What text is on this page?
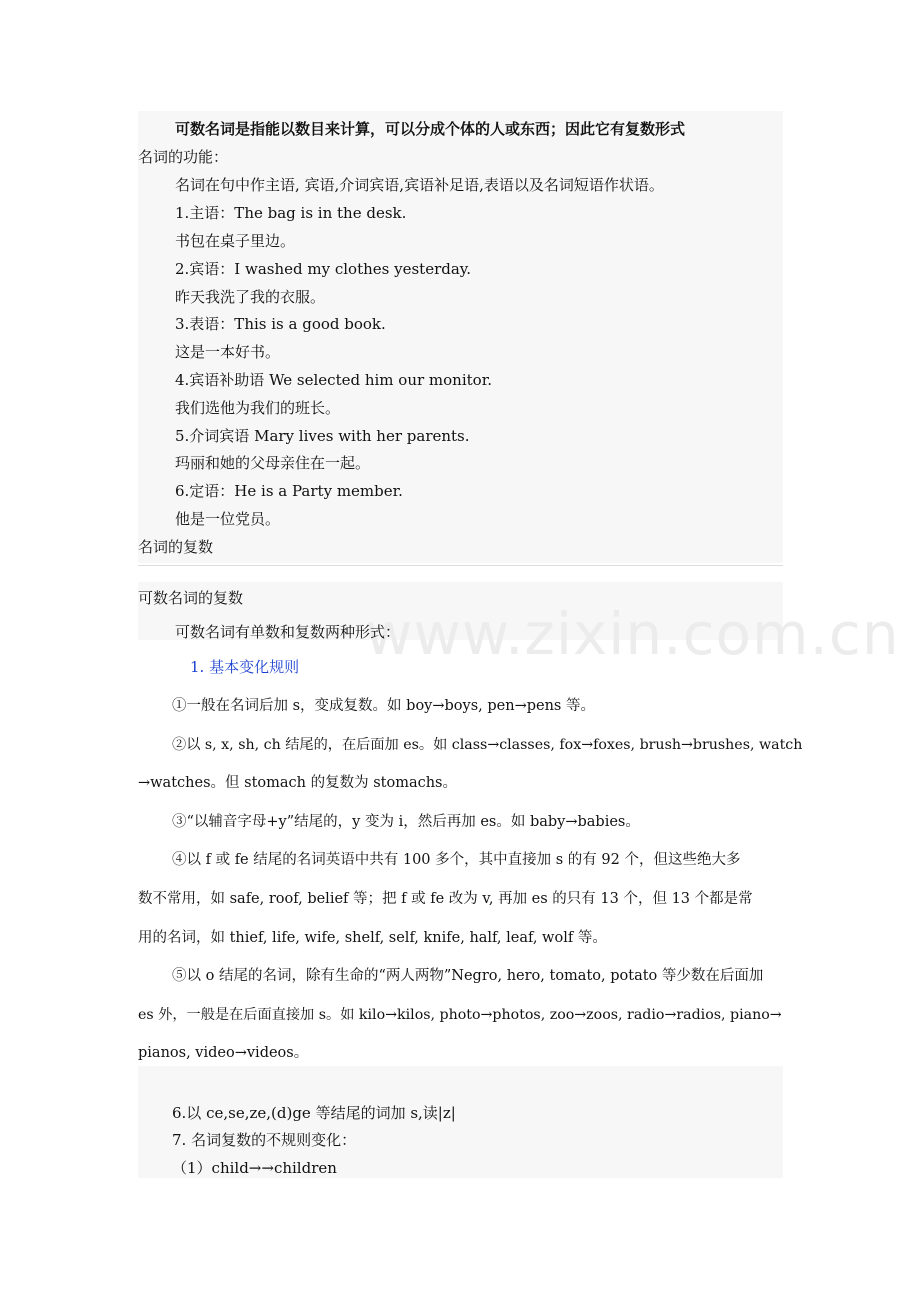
www.zixin.com.cn
可数名词是指能以数目来计算，可以分成个体的人或东西；因此它有复数形式
名词的功能：
名词在句中作主语, 宾语,介词宾语,宾语补足语,表语以及名词短语作状语。
1.主语：The bag is in the desk.
书包在桌子里边。
2.宾语：I washed my clothes yesterday.
昨天我洗了我的衣服。
3.表语：This is a good book.
这是一本好书。
4.宾语补助语 We selected him our monitor.
我们选他为我们的班长。
5.介词宾语 Mary lives with her parents.
玛丽和她的父母亲住在一起。
6.定语：He is a Party member.
他是一位党员。
名词的复数
可数名词的复数
可数名词有单数和复数两种形式：
1. 基本变化规则
①一般在名词后加 s，变成复数。如 boy→boys, pen→pens 等。
②以 s, x, sh, ch 结尾的，在后面加 es。如 class→classes, fox→foxes, brush→brushes, watch
→watches。但 stomach 的复数为 stomachs。
③“以辅音字母+y”结尾的，y 变为 i，然后再加 es。如 baby→babies。
④以 f 或 fe 结尾的名词英语中共有 100 多个，其中直接加 s 的有 92 个，但这些绝大多
数不常用，如 safe, roof, belief 等；把 f 或 fe 改为 v, 再加 es 的只有 13 个，但 13 个都是常
用的名词，如 thief, life, wife, shelf, self, knife, half, leaf, wolf 等。
⑤以 o 结尾的名词，除有生命的“两人两物”Negro, hero, tomato, potato 等少数在后面加
es 外，一般是在后面直接加 s。如 kilo→kilos, photo→photos, zoo→zoos, radio→radios, piano→
pianos, video→videos。
6.以 ce,se,ze,(d)ge 等结尾的词加 s,读|z|
7. 名词复数的不规则变化：
（1）child→→children
